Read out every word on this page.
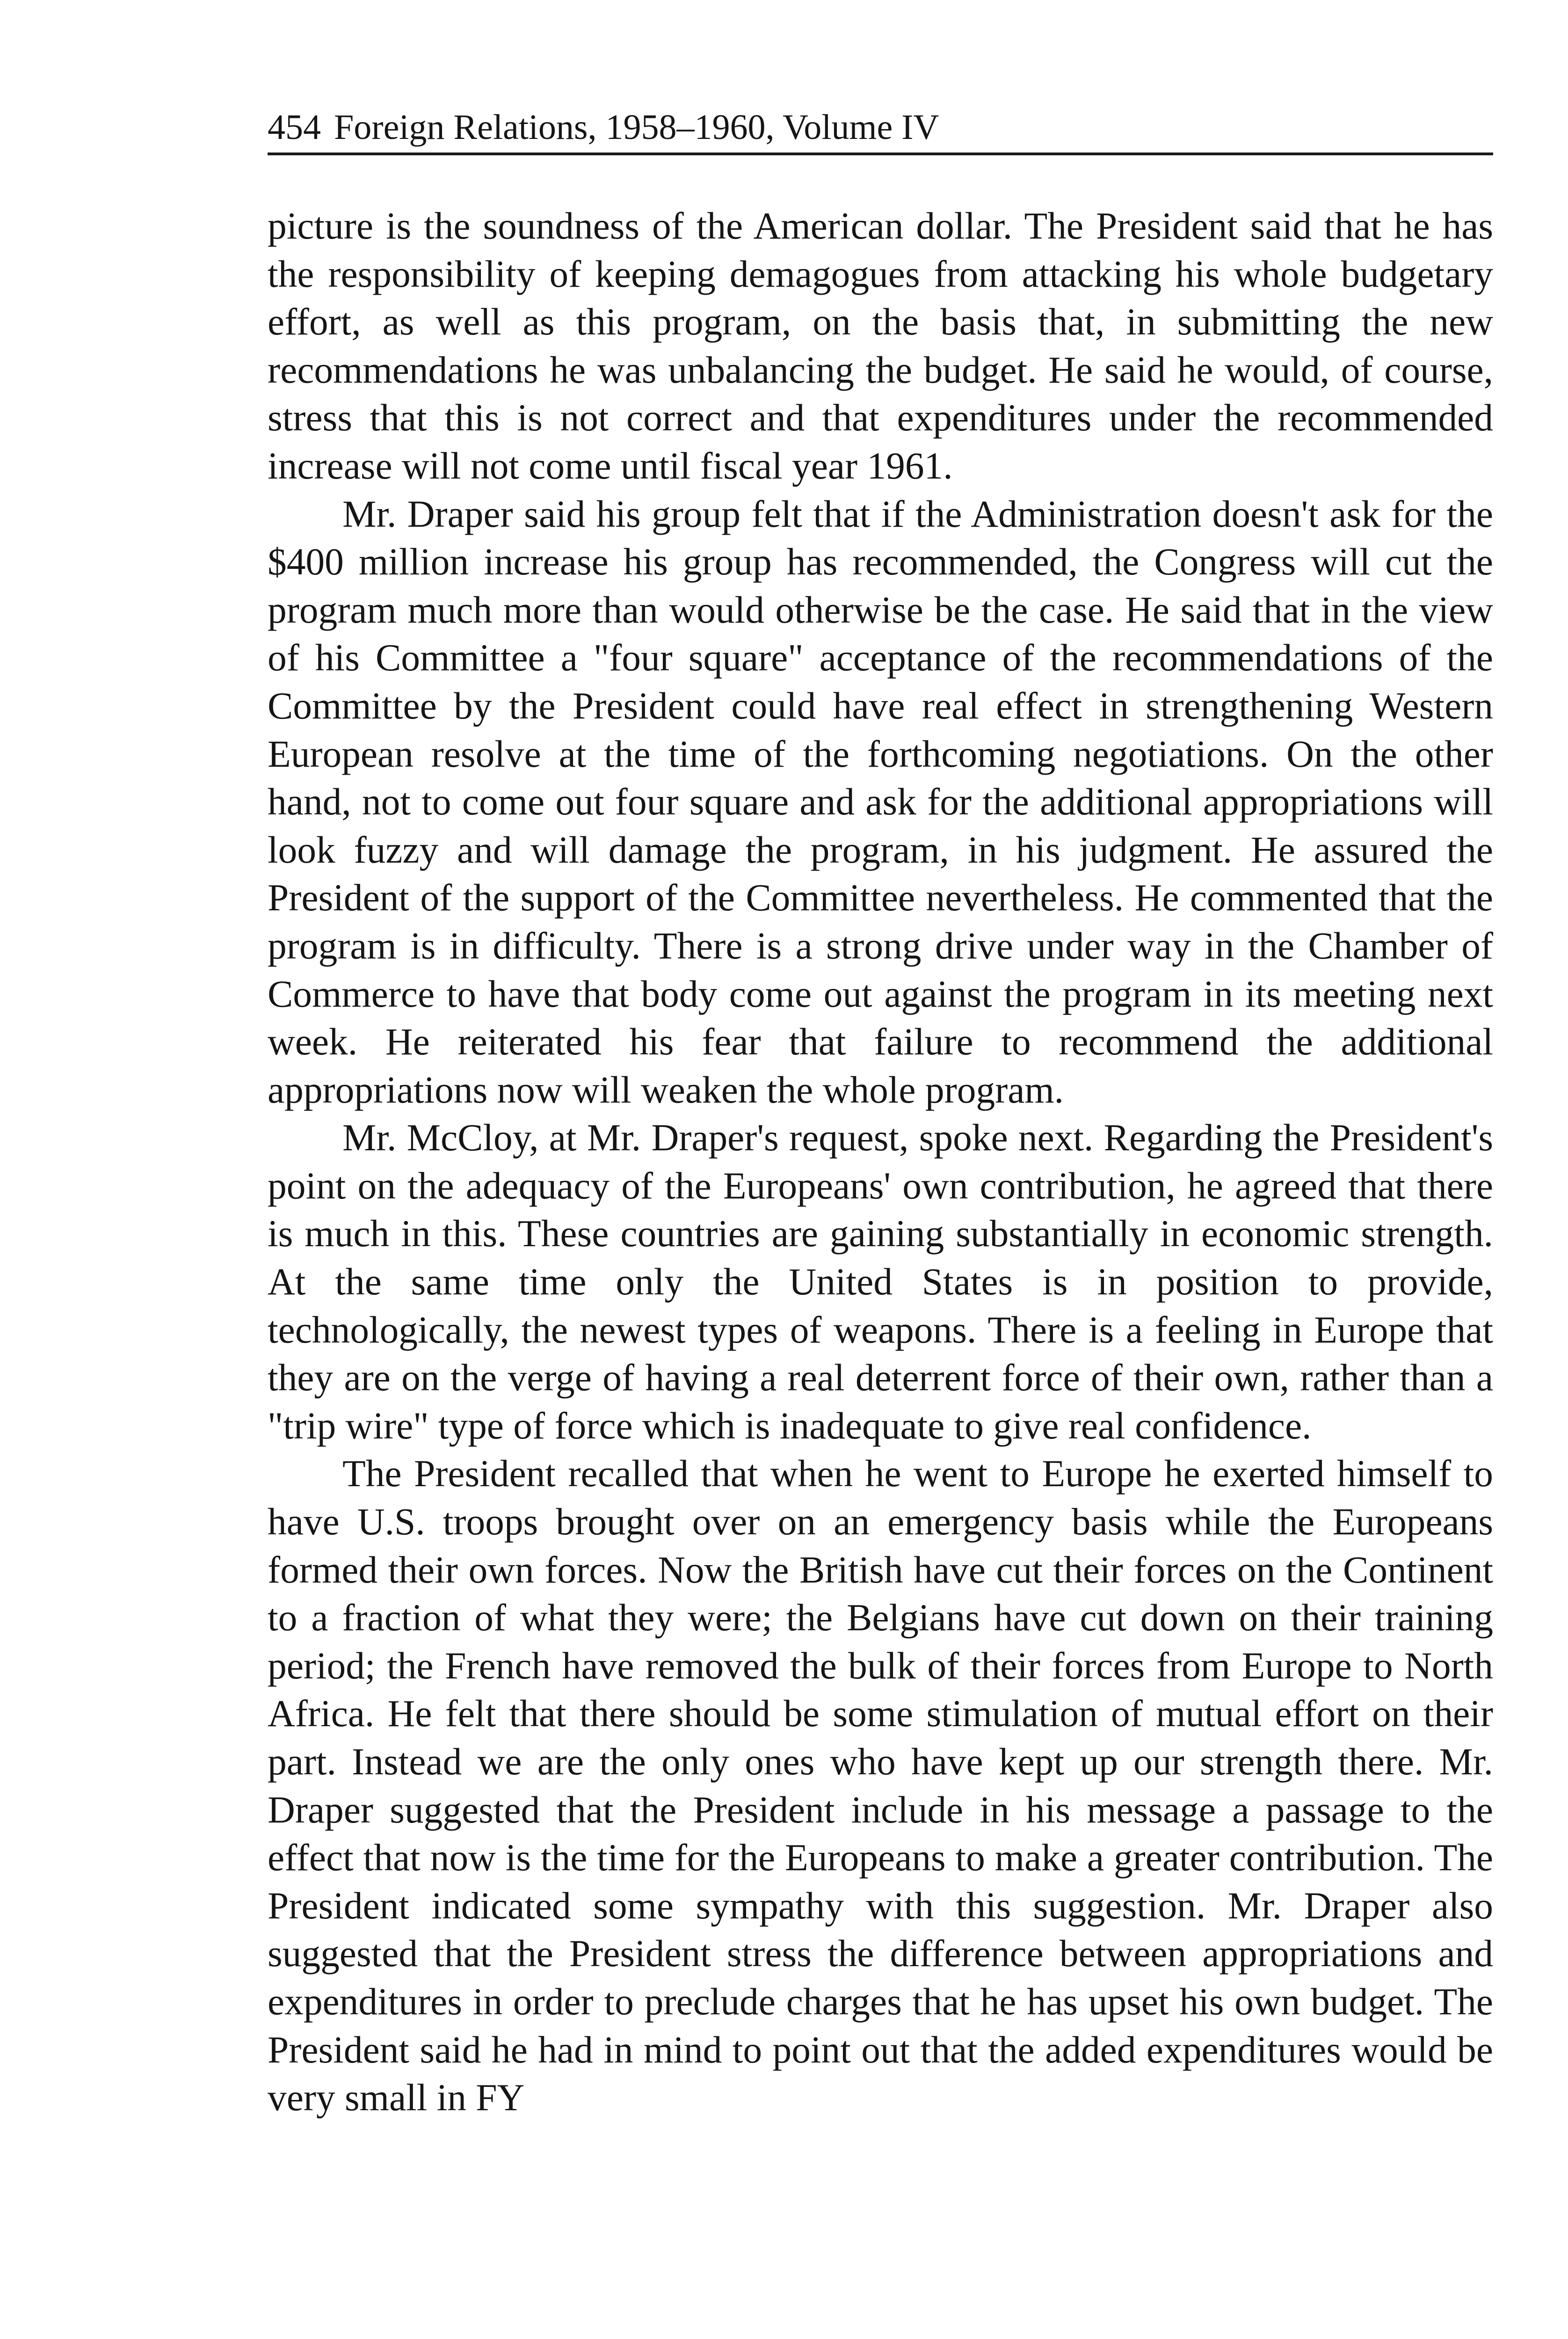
454 Foreign Relations, 1958–1960, Volume IV

picture is the soundness of the American dollar. The President said that he has the responsibility of keeping demagogues from attacking his whole budgetary effort, as well as this program, on the basis that, in submitting the new recommendations he was unbalancing the budget. He said he would, of course, stress that this is not correct and that expenditures under the recommended increase will not come until fiscal year 1961.

Mr. Draper said his group felt that if the Administration doesn't ask for the $400 million increase his group has recommended, the Congress will cut the program much more than would otherwise be the case. He said that in the view of his Committee a "four square" acceptance of the recommendations of the Committee by the President could have real effect in strengthening Western European resolve at the time of the forthcoming negotiations. On the other hand, not to come out four square and ask for the additional appropriations will look fuzzy and will damage the program, in his judgment. He assured the President of the support of the Committee nevertheless. He commented that the program is in difficulty. There is a strong drive under way in the Chamber of Commerce to have that body come out against the program in its meeting next week. He reiterated his fear that failure to recommend the additional appropriations now will weaken the whole program.

Mr. McCloy, at Mr. Draper's request, spoke next. Regarding the President's point on the adequacy of the Europeans' own contribution, he agreed that there is much in this. These countries are gaining substantially in economic strength. At the same time only the United States is in position to provide, technologically, the newest types of weapons. There is a feeling in Europe that they are on the verge of having a real deterrent force of their own, rather than a "trip wire" type of force which is inadequate to give real confidence.

The President recalled that when he went to Europe he exerted himself to have U.S. troops brought over on an emergency basis while the Europeans formed their own forces. Now the British have cut their forces on the Continent to a fraction of what they were; the Belgians have cut down on their training period; the French have removed the bulk of their forces from Europe to North Africa. He felt that there should be some stimulation of mutual effort on their part. Instead we are the only ones who have kept up our strength there. Mr. Draper suggested that the President include in his message a passage to the effect that now is the time for the Europeans to make a greater contribution. The President indicated some sympathy with this suggestion. Mr. Draper also suggested that the President stress the difference between appropriations and expenditures in order to preclude charges that he has upset his own budget. The President said he had in mind to point out that the added expenditures would be very small in FY
